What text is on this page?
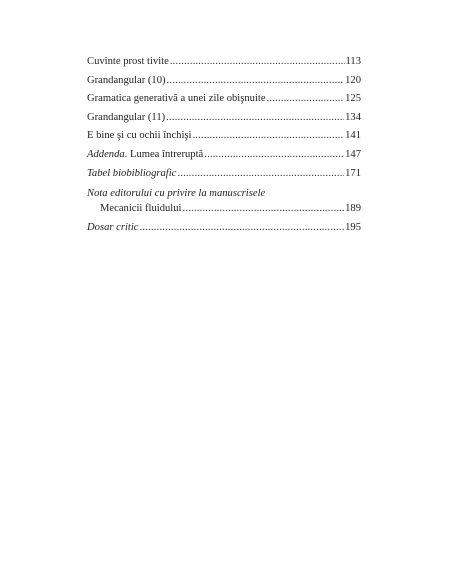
Cuvinte prost tivite .....	113
Grandangular (10) .....	120
Gramatica generativă a unei zile obişnuite .....	125
Grandangular (11) .....	134
E bine şi cu ochii închişi .....	141
Addenda. Lumea întreruptă .....	147
Tabel biobibliografic .....	171
Nota editorului cu privire la manuscrisele
Mecanicii fluidului .....	189
Dosar critic .....	195
